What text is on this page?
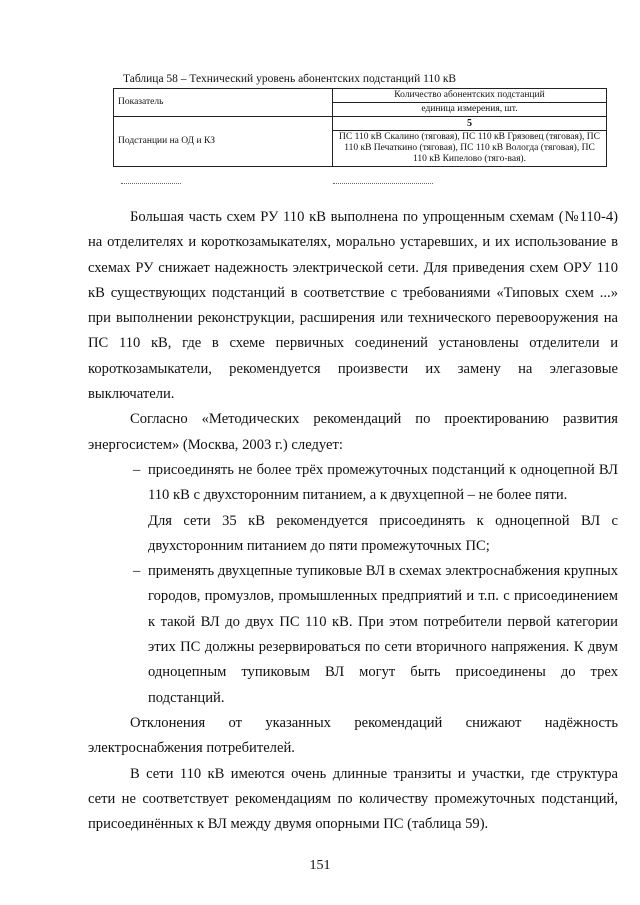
Таблица 58 – Технический уровень абонентских подстанций 110 кВ
Показатель	Количество абонентских подстанций
	единица измерения, шт.
Подстанции на ОД и КЗ	5
	ПС 110 кВ Скалино (тяговая), ПС 110 кВ Грязовец (тяговая), ПС 110 кВ Печаткино (тяговая), ПС 110 кВ Вологда (тяговая), ПС 110 кВ Кипелово (тяго-вая).

Большая часть схем РУ 110 кВ выполнена по упрощенным схемам (№110-4) на отделителях и короткозамыкателях, морально устаревших, и их использование в схемах РУ снижает надежность электрической сети. Для приведения схем ОРУ 110 кВ существующих подстанций в соответствие с требованиями «Типовых схем ...» при выполнении реконструкции, расширения или технического перевооружения на ПС 110 кВ, где в схеме первичных соединений установлены отделители и короткозамыкатели, рекомендуется произвести их замену на элегазовые выключатели.

Согласно «Методических рекомендаций по проектированию развития энергосистем» (Москва, 2003 г.) следует:

– присоединять не более трёх промежуточных подстанций к одноцепной ВЛ 110 кВ с двухсторонним питанием, а к двухцепной – не более пяти.
Для сети 35 кВ рекомендуется присоединять к одноцепной ВЛ с двухсторонним питанием до пяти промежуточных ПС;
– применять двухцепные тупиковые ВЛ в схемах электроснабжения крупных городов, промузлов, промышленных предприятий и т.п. с присоединением к такой ВЛ до двух ПС 110 кВ. При этом потребители первой категории этих ПС должны резервироваться по сети вторичного напряжения. К двум одноцепным тупиковым ВЛ могут быть присоединены до трех подстанций.

Отклонения от указанных рекомендаций снижают надёжность электроснабжения потребителей.

В сети 110 кВ имеются очень длинные транзиты и участки, где структура сети не соответствует рекомендациям по количеству промежуточных подстанций, присоединённых к ВЛ между двумя опорными ПС (таблица 59).

151
